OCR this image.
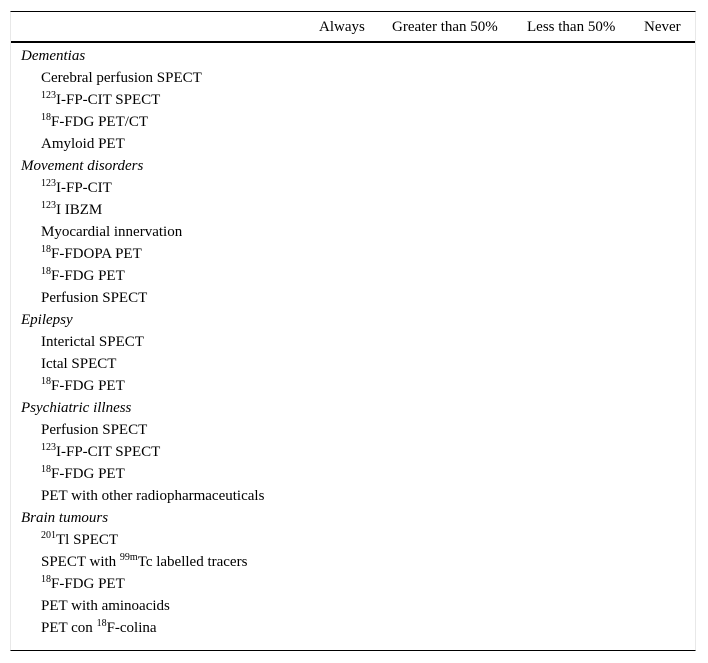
Always Greater than 50% Less than 50% Never
Dementias
Cerebral perfusion SPECT
$^{123}$I-FP-CIT SPECT
$^{18}$F-FDG PET/CT
Amyloid PET
Movement disorders
$^{123}$I-FP-CIT
$^{123}$I IBZM
Myocardial innervation
$^{18}$F-FDOPA PET
$^{18}$F-FDG PET
Perfusion SPECT
Epilepsy
Interictal SPECT
Ictal SPECT
$^{18}$F-FDG PET
Psychiatric illness
Perfusion SPECT
$^{123}$I-FP-CIT SPECT
$^{18}$F-FDG PET
PET with other radiopharmaceuticals
Brain tumours
$^{201}$Tl SPECT
SPECT with $^{99m}$Tc labelled tracers
$^{18}$F-FDG PET
PET with aminoacids
PET con $^{18}$F-colina
